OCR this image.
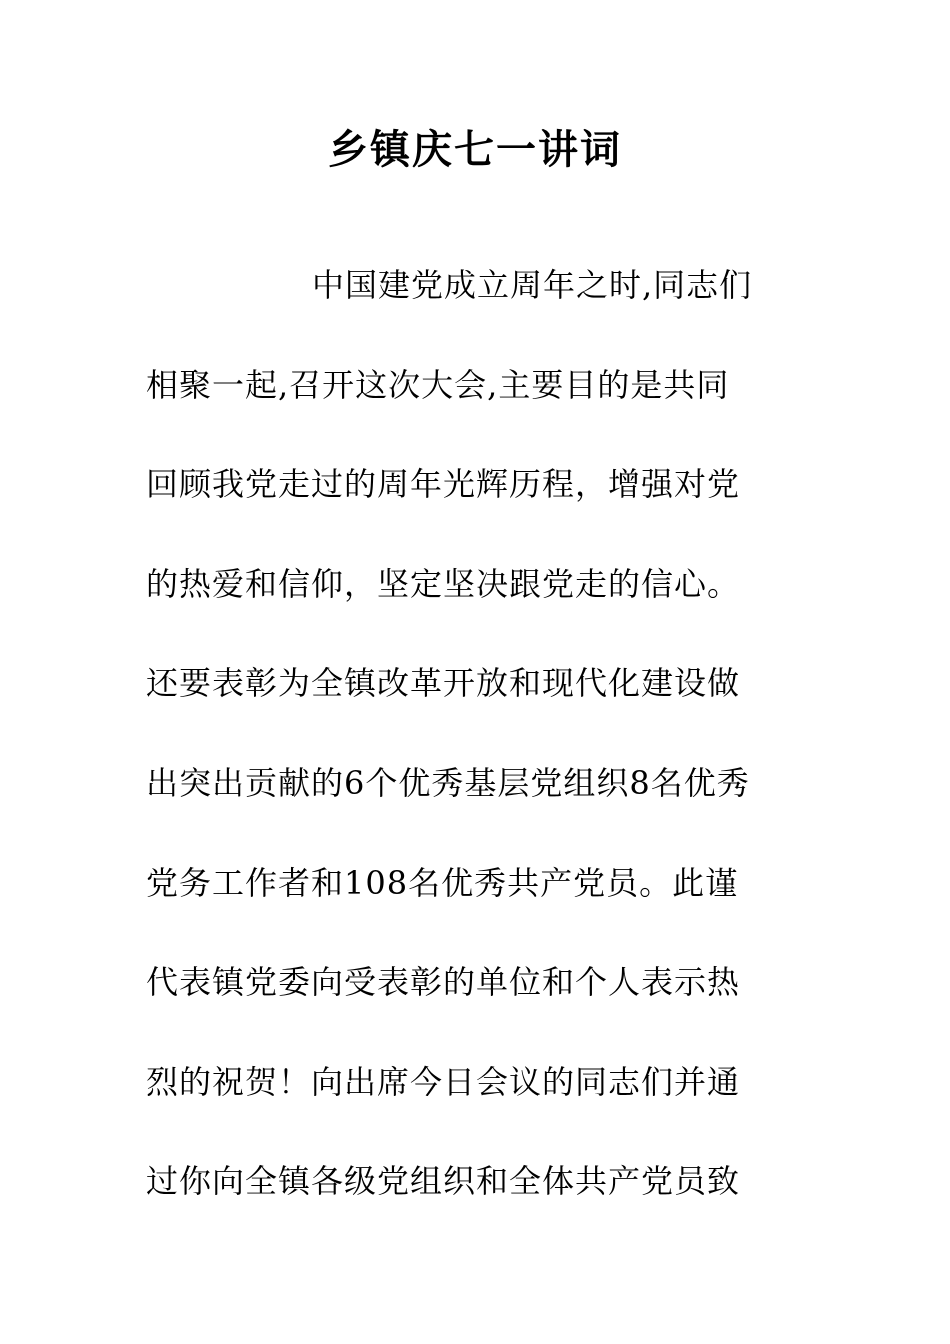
乡镇庆七一讲词
中国建党成立周年之时,同志们
相聚一起,召开这次大会,主要目的是共同
回顾我党走过的周年光辉历程，增强对党
的热爱和信仰，坚定坚决跟党走的信心。
还要表彰为全镇改革开放和现代化建设做
出突出贡献的6个优秀基层党组织8名优秀
党务工作者和108名优秀共产党员。此谨
代表镇党委向受表彰的单位和个人表示热
烈的祝贺！向出席今日会议的同志们并通
过你向全镇各级党组织和全体共产党员致
